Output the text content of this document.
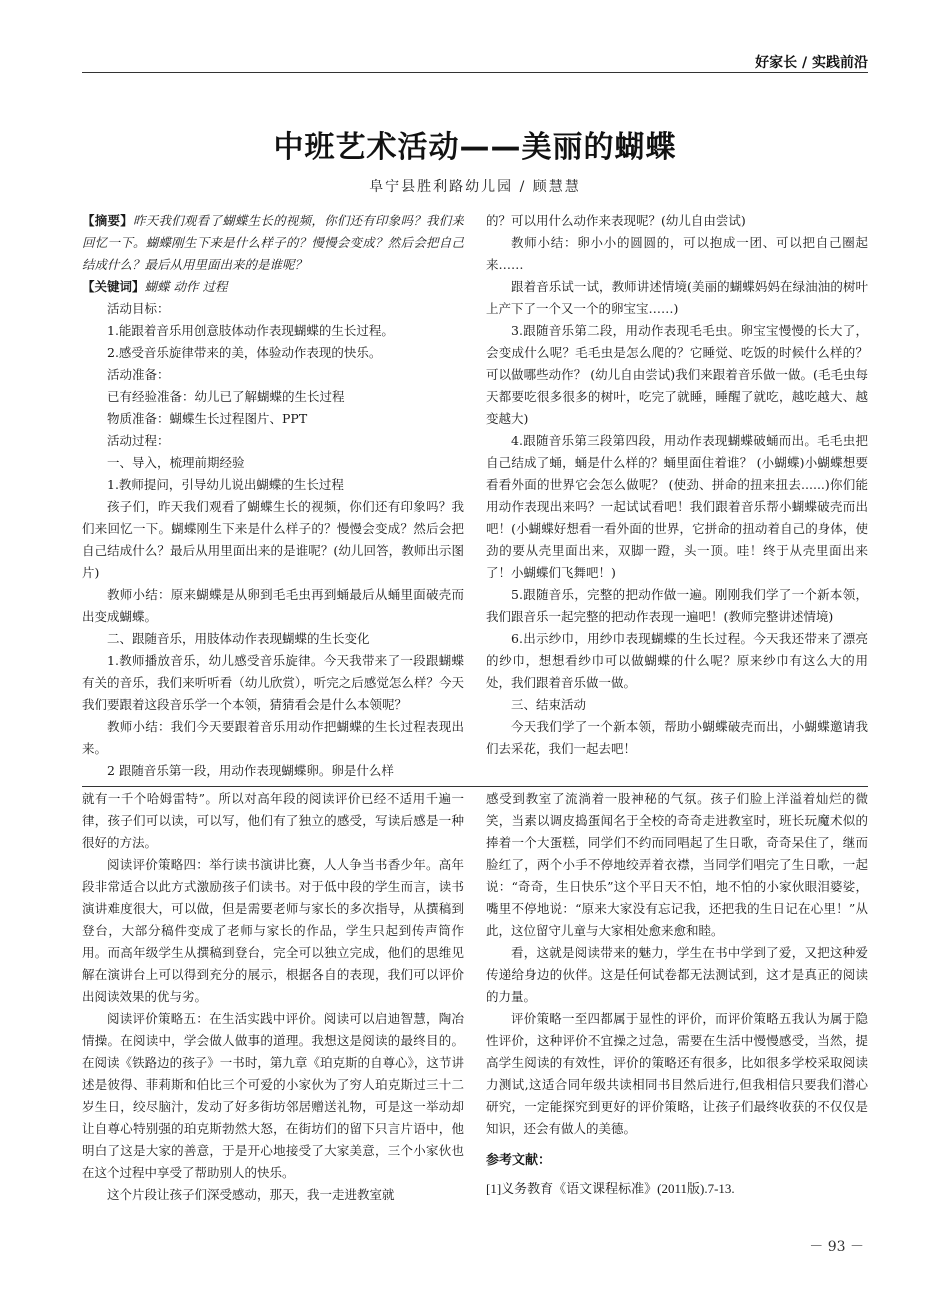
好家长 / 实践前沿
中班艺术活动——美丽的蝴蝶
阜宁县胜利路幼儿园 / 顾慧慧

【摘要】昨天我们观看了蝴蝶生长的视频，你们还有印象吗？我们来回忆一下。蝴蝶刚生下来是什么样子的？慢慢会变成？然后会把自己结成什么？最后从用里面出来的是谁呢？

【关键词】蝴蝶 动作 过程

活动目标：

1.能跟着音乐用创意肢体动作表现蝴蝶的生长过程。

2.感受音乐旋律带来的美，体验动作表现的快乐。

活动准备：

已有经验准备：幼儿已了解蝴蝶的生长过程

物质准备：蝴蝶生长过程图片、PPT

活动过程：

一、导入，梳理前期经验

1.教师提问，引导幼儿说出蝴蝶的生长过程

孩子们，昨天我们观看了蝴蝶生长的视频，你们还有印象吗？我们来回忆一下。蝴蝶刚生下来是什么样子的？慢慢会变成？然后会把自己结成什么？最后从用里面出来的是谁呢？(幼儿回答，教师出示图片)

教师小结：原来蝴蝶是从卵到毛毛虫再到蛹最后从蛹里面破壳而出变成蝴蝶。

二、跟随音乐，用肢体动作表现蝴蝶的生长变化

1.教师播放音乐，幼儿感受音乐旋律。今天我带来了一段跟蝴蝶有关的音乐，我们来听听看（幼儿欣赏），听完之后感觉怎么样？今天我们要跟着这段音乐学一个本领，猜猜看会是什么本领呢？

教师小结：我们今天要跟着音乐用动作把蝴蝶的生长过程表现出来。

2 跟随音乐第一段，用动作表现蝴蝶卵。卵是什么样

的？可以用什么动作来表现呢？(幼儿自由尝试)

教师小结：卵小小的圆圆的，可以抱成一团、可以把自己圈起来……

跟着音乐试一试，教师讲述情境(美丽的蝴蝶妈妈在绿油油的树叶上产下了一个又一个的卵宝宝……)

3.跟随音乐第二段，用动作表现毛毛虫。卵宝宝慢慢的长大了，会变成什么呢？毛毛虫是怎么爬的？它睡觉、吃饭的时候什么样的？可以做哪些动作？ (幼儿自由尝试)我们来跟着音乐做一做。(毛毛虫每天都要吃很多很多的树叶，吃完了就睡，睡醒了就吃，越吃越大、越变越大)

4.跟随音乐第三段第四段，用动作表现蝴蝶破蛹而出。毛毛虫把自己结成了蛹，蛹是什么样的？蛹里面住着谁？ (小蝴蝶)小蝴蝶想要看看外面的世界它会怎么做呢？ (使劲、拼命的扭来扭去......)你们能用动作表现出来吗？一起试试看吧！我们跟着音乐帮小蝴蝶破壳而出吧！(小蝴蝶好想看一看外面的世界，它拼命的扭动着自己的身体，使劲的要从壳里面出来，双脚一蹬，头一顶。哇！终于从壳里面出来了！小蝴蝶们飞舞吧！)

5.跟随音乐，完整的把动作做一遍。刚刚我们学了一个新本领，我们跟音乐一起完整的把动作表现一遍吧！(教师完整讲述情境)

6.出示纱巾，用纱巾表现蝴蝶的生长过程。今天我还带来了漂亮的纱巾，想想看纱巾可以做蝴蝶的什么呢？原来纱巾有这么大的用处，我们跟着音乐做一做。

三、结束活动

今天我们学了一个新本领，帮助小蝴蝶破壳而出，小蝴蝶邀请我们去采花，我们一起去吧！

就有一千个哈姆雷特”。所以对高年段的阅读评价已经不适用千遍一律，孩子们可以读，可以写，他们有了独立的感受，写读后感是一种很好的方法。

阅读评价策略四：举行读书演讲比赛，人人争当书香少年。高年段非常适合以此方式激励孩子们读书。对于低中段的学生而言，读书演讲难度很大，可以做，但是需要老师与家长的多次指导，从撰稿到登台，大部分稿件变成了老师与家长的作品，学生只起到传声筒作用。而高年级学生从撰稿到登台，完全可以独立完成，他们的思维见解在演讲台上可以得到充分的展示，根据各自的表现，我们可以评价出阅读效果的优与劣。

阅读评价策略五：在生活实践中评价。阅读可以启迪智慧，陶冶情操。在阅读中，学会做人做事的道理。我想这是阅读的最终目的。在阅读《铁路边的孩子》一书时，第九章《珀克斯的自尊心》，这节讲述是彼得、菲莉斯和伯比三个可爱的小家伙为了穷人珀克斯过三十二岁生日，绞尽脑汁，发动了好多街坊邻居赠送礼物，可是这一举动却让自尊心特别强的珀克斯勃然大怒，在街坊们的留下只言片语中，他明白了这是大家的善意，于是开心地接受了大家美意，三个小家伙也在这个过程中享受了帮助别人的快乐。

这个片段让孩子们深受感动，那天，我一走进教室就

感受到教室了流淌着一股神秘的气氛。孩子们脸上洋溢着灿烂的微笑，当素以调皮捣蛋闻名于全校的奇奇走进教室时，班长玩魔术似的捧着一个大蛋糕，同学们不约而同唱起了生日歌，奇奇呆住了，继而脸红了，两个小手不停地绞弄着衣襟，当同学们唱完了生日歌，一起说：“奇奇，生日快乐”这个平日天不怕，地不怕的小家伙眼泪婆娑，嘴里不停地说：“原来大家没有忘记我，还把我的生日记在心里！”从此，这位留守儿童与大家相处愈来愈和睦。

看，这就是阅读带来的魅力，学生在书中学到了爱，又把这种爱传递给身边的伙伴。这是任何试卷都无法测试到，这才是真正的阅读的力量。

评价策略一至四都属于显性的评价，而评价策略五我认为属于隐性评价，这种评价不宜操之过急，需要在生活中慢慢感受，当然，提高学生阅读的有效性，评价的策略还有很多，比如很多学校采取阅读力测试,这适合同年级共读相同书目然后进行,但我相信只要我们潜心研究，一定能探究到更好的评价策略，让孩子们最终收获的不仅仅是知识，还会有做人的美德。

参考文献：

[1]义务教育《语文课程标准》(2011版).7-13.

－ 93 －
